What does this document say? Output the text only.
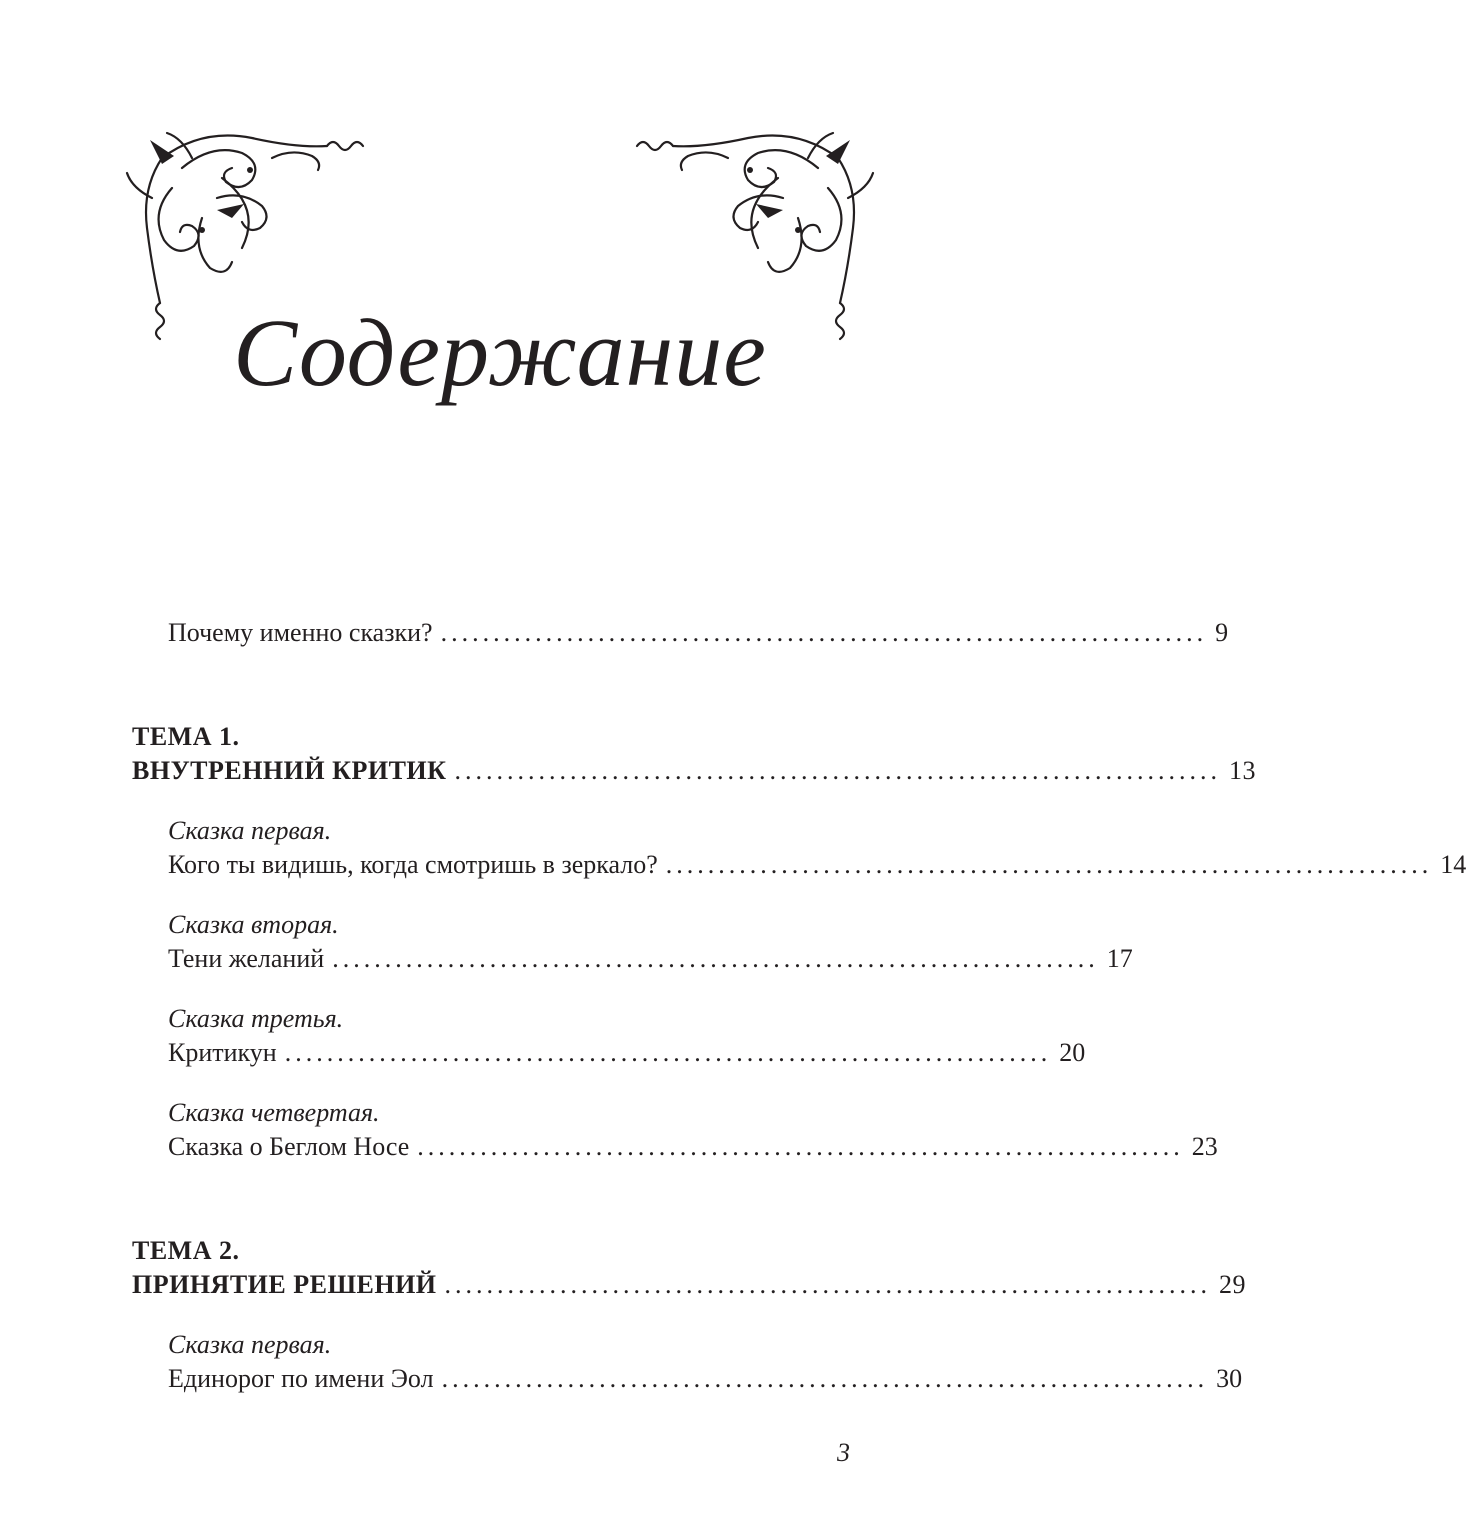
Содержание
Почему именно сказки? ......................................................................... 9
ТЕМА 1.
ВНУТРЕННИЙ КРИТИК ......................................................................... 13
Сказка первая.
Кого ты видишь, когда смотришь в зеркало? ......................................................................... 14
Сказка вторая.
Тени желаний ......................................................................... 17
Сказка третья.
Критикун ......................................................................... 20
Сказка четвертая.
Сказка о Беглом Носе ......................................................................... 23
ТЕМА 2.
ПРИНЯТИЕ РЕШЕНИЙ ......................................................................... 29
Сказка первая.
Единорог по имени Эол ......................................................................... 30
3
